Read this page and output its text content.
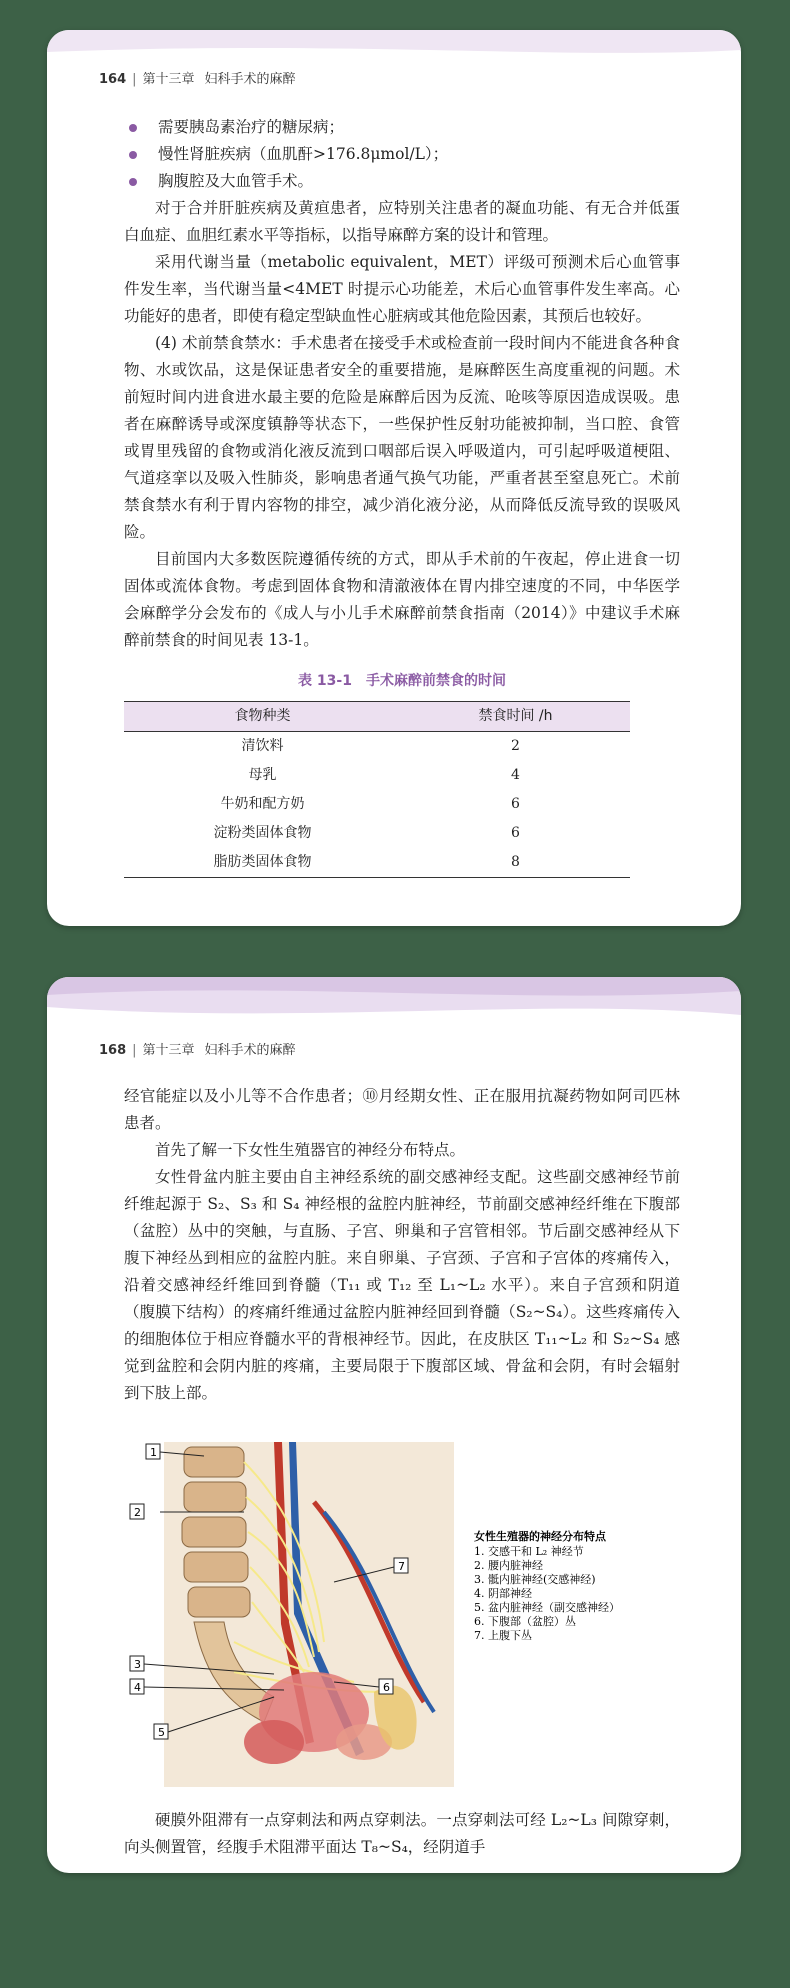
164 | 第十三章 妇科手术的麻醉
需要胰岛素治疗的糖尿病；
慢性肾脏疾病（血肌酐>176.8μmol/L）；
胸腹腔及大血管手术。

对于合并肝脏疾病及黄疸患者，应特别关注患者的凝血功能、有无合并低蛋白血症、血胆红素水平等指标，以指导麻醉方案的设计和管理。

采用代谢当量（metabolic equivalent，MET）评级可预测术后心血管事件发生率，当代谢当量<4MET 时提示心功能差，术后心血管事件发生率高。心功能好的患者，即使有稳定型缺血性心脏病或其他危险因素，其预后也较好。

(4) 术前禁食禁水：手术患者在接受手术或检查前一段时间内不能进食各种食物、水或饮品，这是保证患者安全的重要措施，是麻醉医生高度重视的问题。术前短时间内进食进水最主要的危险是麻醉后因为反流、呛咳等原因造成误吸。患者在麻醉诱导或深度镇静等状态下，一些保护性反射功能被抑制，当口腔、食管或胃里残留的食物或消化液反流到口咽部后误入呼吸道内，可引起呼吸道梗阻、气道痉挛以及吸入性肺炎，影响患者通气换气功能，严重者甚至窒息死亡。术前禁食禁水有利于胃内容物的排空，减少消化液分泌，从而降低反流导致的误吸风险。

目前国内大多数医院遵循传统的方式，即从手术前的午夜起，停止进食一切固体或流体食物。考虑到固体食物和清澈液体在胃内排空速度的不同，中华医学会麻醉学分会发布的《成人与小儿手术麻醉前禁食指南（2014）》中建议手术麻醉前禁食的时间见表 13-1。

表 13-1　手术麻醉前禁食的时间
食物种类	禁食时间 /h
清饮料	2
母乳	4
牛奶和配方奶	6
淀粉类固体食物	6
脂肪类固体食物	8
168 | 第十三章 妇科手术的麻醉

经官能症以及小儿等不合作患者；⑩月经期女性、正在服用抗凝药物如阿司匹林患者。

首先了解一下女性生殖器官的神经分布特点。

女性骨盆内脏主要由自主神经系统的副交感神经支配。这些副交感神经节前纤维起源于 S₂、S₃ 和 S₄ 神经根的盆腔内脏神经，节前副交感神经纤维在下腹部（盆腔）丛中的突触，与直肠、子宫、卵巢和子宫管相邻。节后副交感神经从下腹下神经丛到相应的盆腔内脏。来自卵巢、子宫颈、子宫和子宫体的疼痛传入，沿着交感神经纤维回到脊髓（T₁₁ 或 T₁₂ 至 L₁~L₂ 水平）。来自子宫颈和阴道（腹膜下结构）的疼痛纤维通过盆腔内脏神经回到脊髓（S₂~S₄）。这些疼痛传入的细胞体位于相应脊髓水平的背根神经节。因此，在皮肤区 T₁₁~L₂ 和 S₂~S₄ 感觉到盆腔和会阴内脏的疼痛，主要局限于下腹部区域、骨盆和会阴，有时会辐射到下肢上部。

1
2
7
3
4	6
5
女性生殖器的神经分布特点
1. 交感干和 L₂ 神经节
2. 腰内脏神经
3. 骶内脏神经(交感神经)
4. 阴部神经
5. 盆内脏神经（副交感神经）
6. 下腹部（盆腔）丛
7. 上腹下丛

硬膜外阻滞有一点穿刺法和两点穿刺法。一点穿刺法可经 L₂~L₃ 间隙穿刺，向头侧置管，经腹手术阻滞平面达 T₈~S₄，经阴道手
